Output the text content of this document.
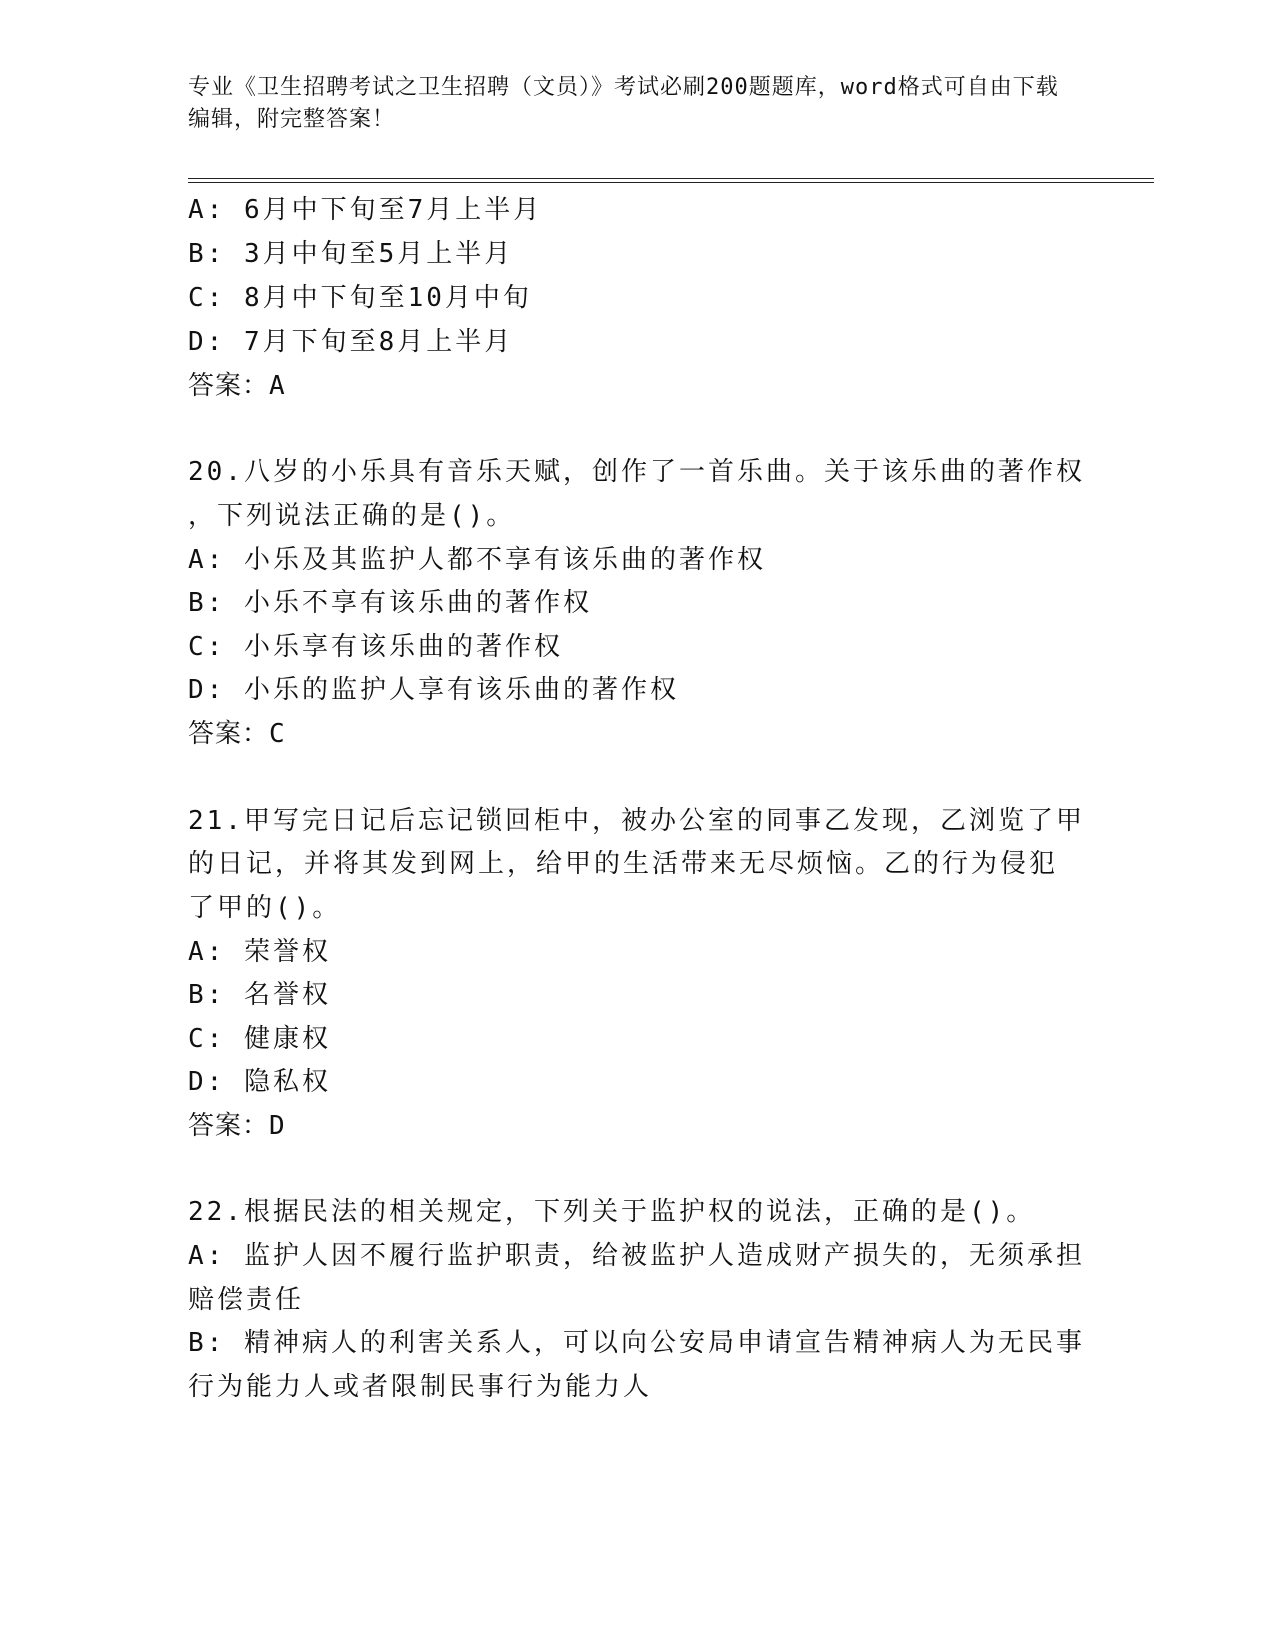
专业《卫生招聘考试之卫生招聘（文员）》考试必刷200题题库，word格式可自由下载编辑，附完整答案！
A: 6月中下旬至7月上半月
B: 3月中旬至5月上半月
C: 8月中下旬至10月中旬
D: 7月下旬至8月上半月
答案：A
20.八岁的小乐具有音乐天赋，创作了一首乐曲。关于该乐曲的著作权
，下列说法正确的是()。
A: 小乐及其监护人都不享有该乐曲的著作权
B: 小乐不享有该乐曲的著作权
C: 小乐享有该乐曲的著作权
D: 小乐的监护人享有该乐曲的著作权
答案：C
21.甲写完日记后忘记锁回柜中，被办公室的同事乙发现，乙浏览了甲
的日记，并将其发到网上，给甲的生活带来无尽烦恼。乙的行为侵犯
了甲的()。
A: 荣誉权
B: 名誉权
C: 健康权
D: 隐私权
答案：D
22.根据民法的相关规定，下列关于监护权的说法，正确的是()。
A: 监护人因不履行监护职责，给被监护人造成财产损失的，无须承担
赔偿责任
B: 精神病人的利害关系人，可以向公安局申请宣告精神病人为无民事
行为能力人或者限制民事行为能力人
